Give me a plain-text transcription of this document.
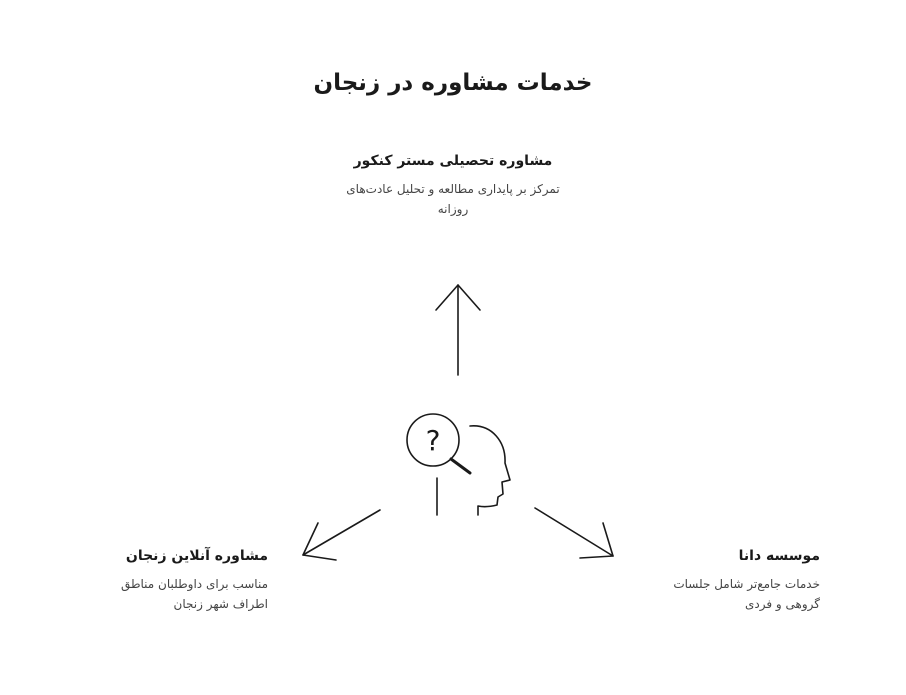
خدمات مشاوره در زنجان
?
مشاوره تحصیلی مستر کنکور
تمرکز بر پایداری مطالعه و تحلیل عادت‌های روزانه
مشاوره آنلاین زنجان
مناسب برای داوطلبان مناطق اطراف شهر زنجان
موسسه دانا
خدمات جامع‌تر شامل جلسات گروهی و فردی
